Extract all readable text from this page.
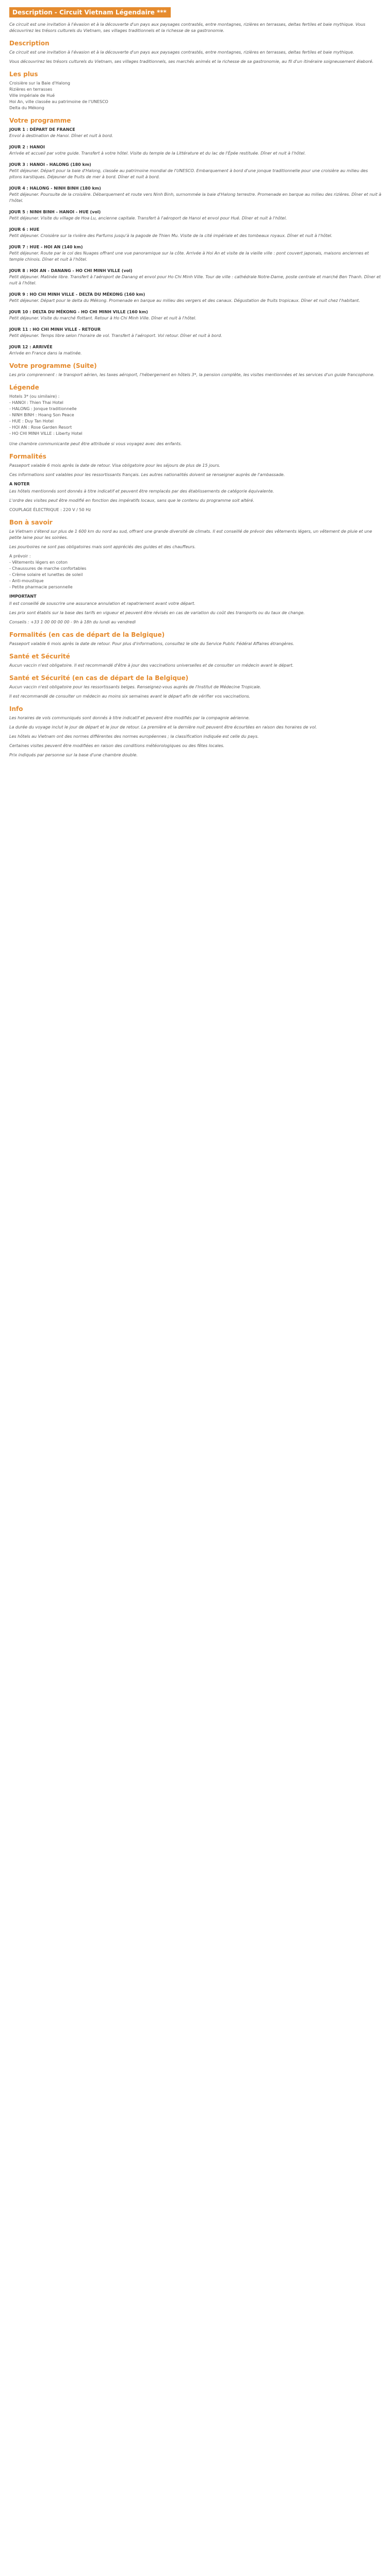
Description - Circuit Vietnam Légendaire ***

Ce circuit est une invitation à l'évasion et à la découverte d'un pays aux paysages contrastés, entre montagnes, rizières en terrasses, deltas fertiles et baie mythique. Vous découvrirez les trésors culturels du Vietnam, ses villages traditionnels et la richesse de sa gastronomie.

Description

Ce circuit est une invitation à l'évasion et à la découverte d'un pays aux paysages contrastés, entre montagnes, rizières en terrasses, deltas fertiles et baie mythique.

Vous découvrirez les trésors culturels du Vietnam, ses villages traditionnels, ses marchés animés et la richesse de sa gastronomie, au fil d'un itinéraire soigneusement élaboré.

Les plus
Croisière sur la Baie d'Halong
Rizières en terrasses
Ville impériale de Hué
Hoi An, ville classée au patrimoine de l'UNESCO
Delta du Mékong
Votre programme
JOUR 1 : DÉPART DE FRANCE
Envol à destination de Hanoi. Dîner et nuit à bord.
JOUR 2 : HANOI
Arrivée et accueil par votre guide. Transfert à votre hôtel. Visite du temple de la Littérature et du lac de l'Épée restituée. Dîner et nuit à l'hôtel.
JOUR 3 : HANOI - HALONG (180 km)
Petit déjeuner. Départ pour la baie d'Halong, classée au patrimoine mondial de l'UNESCO. Embarquement à bord d'une jonque traditionnelle pour une croisière au milieu des pitons karstiques. Déjeuner de fruits de mer à bord. Dîner et nuit à bord.
JOUR 4 : HALONG - NINH BINH (180 km)
Petit déjeuner. Poursuite de la croisière. Débarquement et route vers Ninh Binh, surnommée la baie d'Halong terrestre. Promenade en barque au milieu des rizières. Dîner et nuit à l'hôtel.
JOUR 5 : NINH BINH - HANOI - HUE (vol)
Petit déjeuner. Visite du village de Hoa Lu, ancienne capitale. Transfert à l'aéroport de Hanoi et envol pour Hué. Dîner et nuit à l'hôtel.
JOUR 6 : HUE
Petit déjeuner. Croisière sur la rivière des Parfums jusqu'à la pagode de Thien Mu. Visite de la cité impériale et des tombeaux royaux. Dîner et nuit à l'hôtel.
JOUR 7 : HUE - HOI AN (140 km)
Petit déjeuner. Route par le col des Nuages offrant une vue panoramique sur la côte. Arrivée à Hoi An et visite de la vieille ville : pont couvert japonais, maisons anciennes et temple chinois. Dîner et nuit à l'hôtel.
JOUR 8 : HOI AN - DANANG - HO CHI MINH VILLE (vol)
Petit déjeuner. Matinée libre. Transfert à l'aéroport de Danang et envol pour Ho Chi Minh Ville. Tour de ville : cathédrale Notre-Dame, poste centrale et marché Ben Thanh. Dîner et nuit à l'hôtel.
JOUR 9 : HO CHI MINH VILLE - DELTA DU MÉKONG (160 km)
Petit déjeuner. Départ pour le delta du Mékong. Promenade en barque au milieu des vergers et des canaux. Dégustation de fruits tropicaux. Dîner et nuit chez l'habitant.
JOUR 10 : DELTA DU MÉKONG - HO CHI MINH VILLE (160 km)
Petit déjeuner. Visite du marché flottant. Retour à Ho Chi Minh Ville. Dîner et nuit à l'hôtel.
JOUR 11 : HO CHI MINH VILLE - RETOUR
Petit déjeuner. Temps libre selon l'horaire de vol. Transfert à l'aéroport. Vol retour. Dîner et nuit à bord.
JOUR 12 : ARRIVÉE
Arrivée en France dans la matinée.
Votre programme (Suite)

Les prix comprennent : le transport aérien, les taxes aéroport, l'hébergement en hôtels 3*, la pension complète, les visites mentionnées et les services d'un guide francophone.

Légende
Hotels 3* (ou similaire) :
- HANOI : Thien Thai Hotel
- HALONG : Jonque traditionnelle
- NINH BINH : Hoang Son Peace
- HUE : Duy Tan Hotel
- HOI AN : Rose Garden Resort
- HO CHI MINH VILLE : Liberty Hotel

Une chambre communicante peut être attribuée si vous voyagez avec des enfants.

Formalités

Passeport valable 6 mois après la date de retour. Visa obligatoire pour les séjours de plus de 15 jours.

Ces informations sont valables pour les ressortissants français. Les autres nationalités doivent se renseigner auprès de l'ambassade.

A NOTER

Les hôtels mentionnés sont donnés à titre indicatif et peuvent être remplacés par des établissements de catégorie équivalente.

L'ordre des visites peut être modifié en fonction des impératifs locaux, sans que le contenu du programme soit altéré.

COUPLAGE ÉLECTRIQUE : 220 V / 50 Hz

Bon à savoir

Le Vietnam s'étend sur plus de 1 600 km du nord au sud, offrant une grande diversité de climats. Il est conseillé de prévoir des vêtements légers, un vêtement de pluie et une petite laine pour les soirées.

Les pourboires ne sont pas obligatoires mais sont appréciés des guides et des chauffeurs.

A prévoir :
- Vêtements légers en coton
- Chaussures de marche confortables
- Crème solaire et lunettes de soleil
- Anti-moustique
- Petite pharmacie personnelle
IMPORTANT

Il est conseillé de souscrire une assurance annulation et rapatriement avant votre départ.

Les prix sont établis sur la base des tarifs en vigueur et peuvent être révisés en cas de variation du coût des transports ou du taux de change.

Conseils : +33 1 00 00 00 00 - 9h à 18h du lundi au vendredi

Formalités (en cas de départ de la Belgique)

Passeport valable 6 mois après la date de retour. Pour plus d'informations, consultez le site du Service Public Fédéral Affaires étrangères.

Santé et Sécurité

Aucun vaccin n'est obligatoire. Il est recommandé d'être à jour des vaccinations universelles et de consulter un médecin avant le départ.

Santé et Sécurité (en cas de départ de la Belgique)

Aucun vaccin n'est obligatoire pour les ressortissants belges. Renseignez-vous auprès de l'Institut de Médecine Tropicale.

Il est recommandé de consulter un médecin au moins six semaines avant le départ afin de vérifier vos vaccinations.

Info

Les horaires de vols communiqués sont donnés à titre indicatif et peuvent être modifiés par la compagnie aérienne.

La durée du voyage inclut le jour de départ et le jour de retour. La première et la dernière nuit peuvent être écourtées en raison des horaires de vol.

Les hôtels au Vietnam ont des normes différentes des normes européennes ; la classification indiquée est celle du pays.

Certaines visites peuvent être modifiées en raison des conditions météorologiques ou des fêtes locales.

Prix indiqués par personne sur la base d'une chambre double.
